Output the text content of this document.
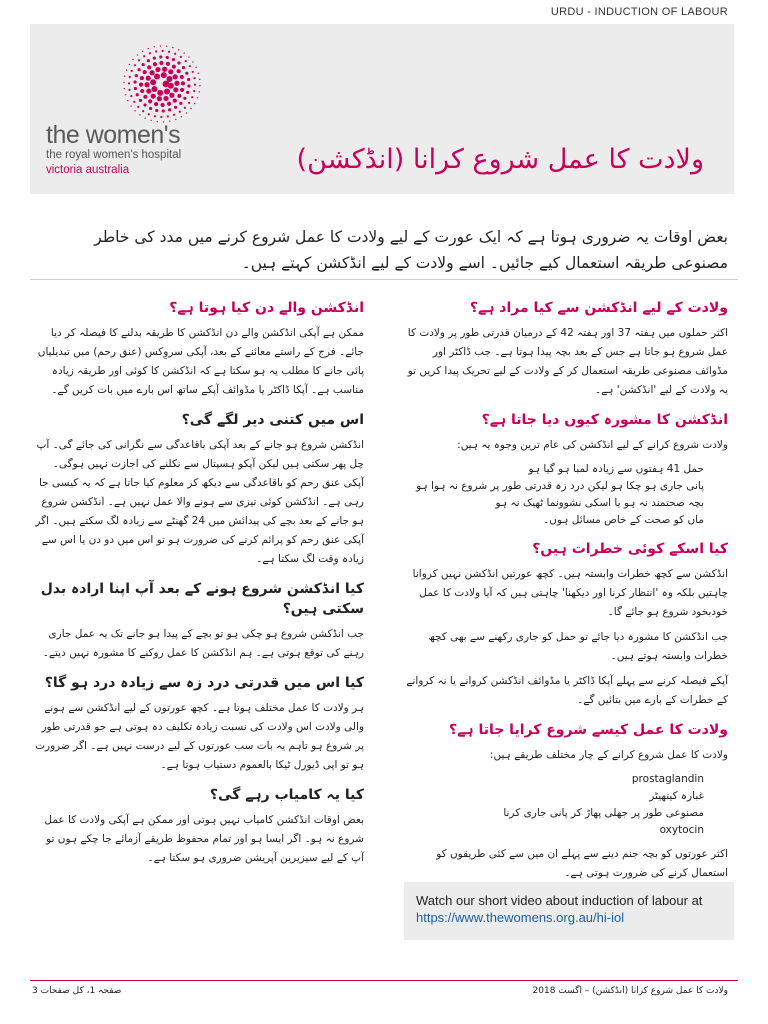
URDU - INDUCTION OF LABOUR
the women's
the royal women's hospital
victoria australia	ولادت کا عمل شروع کرانا (انڈکشن)
بعض اوقات یہ ضروری ہوتا ہے کہ ایک عورت کے لیے ولادت کا عمل شروع کرنے میں مدد کی خاطر مصنوعی طریقہ استعمال کیے جائیں۔ اسے ولادت کے لیے انڈکشن کہتے ہیں۔
ولادت کے لیے انڈکشن سے کیا مراد ہے؟
اکثر حملوں میں ہفتہ 37 اور ہفتہ 42 کے درمیان قدرتی طور پر ولادت کا عمل شروع ہو جاتا ہے جس کے بعد بچہ پیدا ہوتا ہے۔ جب ڈاکٹر اور مڈوائف مصنوعی طریقہ استعمال کر کے ولادت کے لیے تحریک پیدا کریں تو یہ ولادت کے لیے 'انڈکشن' ہے۔
انڈکشن کا مشورہ کیوں دیا جاتا ہے؟
ولادت شروع کرانے کے لیے انڈکشن کی عام ترین وجوہ یہ ہیں:
حمل 41 ہفتوں سے زیادہ لمبا ہو گیا ہو
پانی جاری ہو چکا ہو لیکن درد زہ قدرتی طور پر شروع نہ ہوا ہو
بچہ صحتمند نہ ہو یا اسکی نشوونما ٹھیک نہ ہو
ماں کو صحت کے خاص مسائل ہوں۔
کیا اسکے کوئی خطرات ہیں؟
انڈکشن سے کچھ خطرات وابستہ ہیں۔ کچھ عورتیں انڈکشن نہیں کروانا چاہتیں بلکہ وہ 'انتظار کرنا اور دیکھنا' چاہتی ہیں کہ آیا ولادت کا عمل خودبخود شروع ہو جائے گا۔
جب انڈکشن کا مشورہ دیا جائے تو حمل کو جاری رکھنے سے بھی کچھ خطرات وابستہ ہوتے ہیں۔
آپکے فیصلہ کرنے سے پہلے آپکا ڈاکٹر یا مڈوائف انڈکشن کروانے یا نہ کروانے کے خطرات کے بارے میں بتائیں گے۔
ولادت کا عمل کیسے شروع کرایا جاتا ہے؟
ولادت کا عمل شروع کرانے کے چار مختلف طریقے ہیں:
prostaglandin
غبارہ کیتھیٹر
مصنوعی طور پر جھلی پھاڑ کر پانی جاری کرنا
oxytocin
اکثر عورتوں کو بچہ جنم دینے سے پہلے ان میں سے کئی طریقوں کو استعمال کرنے کی ضرورت ہوتی ہے۔
انڈکشن والے دن کیا ہوتا ہے؟
ممکن ہے آپکی انڈکشن والے دن انڈکشن کا طریقہ بدلنے کا فیصلہ کر دیا جائے۔ فرج کے راستے معائنے کے بعد، آپکی سروِکس (عنق رحم) میں تبدیلیاں پائی جانے کا مطلب یہ ہو سکتا ہے کہ انڈکشن کا کوئی اور طریقہ زیادہ مناسب ہے۔ آپکا ڈاکٹر یا مڈوائف آپکے ساتھ اس بارے میں بات کریں گے۔
اس میں کتنی دیر لگے گی؟
انڈکشن شروع ہو جانے کے بعد آپکی باقاعدگی سے نگرانی کی جائے گی۔ آپ چل پھر سکتی ہیں لیکن آپکو ہسپتال سے نکلنے کی اجازت نہیں ہوگی۔ آپکی عنق رحم کو باقاعدگی سے دیکھ کر معلوم کیا جاتا ہے کہ یہ کیسی جا رہی ہے۔ انڈکشن کوئی تیزی سے ہونے والا عمل نہیں ہے۔ انڈکشن شروع ہو جانے کے بعد بچے کی پیدائش میں 24 گھنٹے سے زیادہ لگ سکتے ہیں۔ اگر آپکی عنق رحم کو پرائم کرنے کی ضرورت ہو تو اس میں دو دن یا اس سے زیادہ وقت لگ سکتا ہے۔
کیا انڈکشن شروع ہونے کے بعد آپ اپنا ارادہ بدل سکتی ہیں؟
جب انڈکشن شروع ہو چکی ہو تو بچے کے پیدا ہو جانے تک یہ عمل جاری رہنے کی توقع ہوتی ہے۔ ہم انڈکشن کا عمل روکنے کا مشورہ نہیں دیتے۔
کیا اس میں قدرتی درد زہ سے زیادہ درد ہو گا؟
ہر ولادت کا عمل مختلف ہوتا ہے۔ کچھ عورتوں کے لیے انڈکشن سے ہونے والی ولادت اس ولادت کی نسبت زیادہ تکلیف دہ ہوتی ہے جو قدرتی طور پر شروع ہو تاہم یہ بات سب عورتوں کے لیے درست نہیں ہے۔ اگر ضرورت ہو تو اپی ڈیورل ٹیکا بالعموم دستیاب ہوتا ہے۔
کیا یہ کامیاب رہے گی؟
بعض اوقات انڈکشن کامیاب نہیں ہوتی اور ممکن ہے آپکی ولادت کا عمل شروع نہ ہو۔ اگر ایسا ہو اور تمام محفوظ طریقے آزمائے جا چکے ہوں تو آپ کے لیے سیزیرین آپریشن ضروری ہو سکتا ہے۔
Watch our short video about induction of labour at
https://www.thewomens.org.au/hi-iol
صفحہ 1، کل صفحات 3	ولادت کا عمل شروع کرانا (انڈکشن) – اگست 2018
